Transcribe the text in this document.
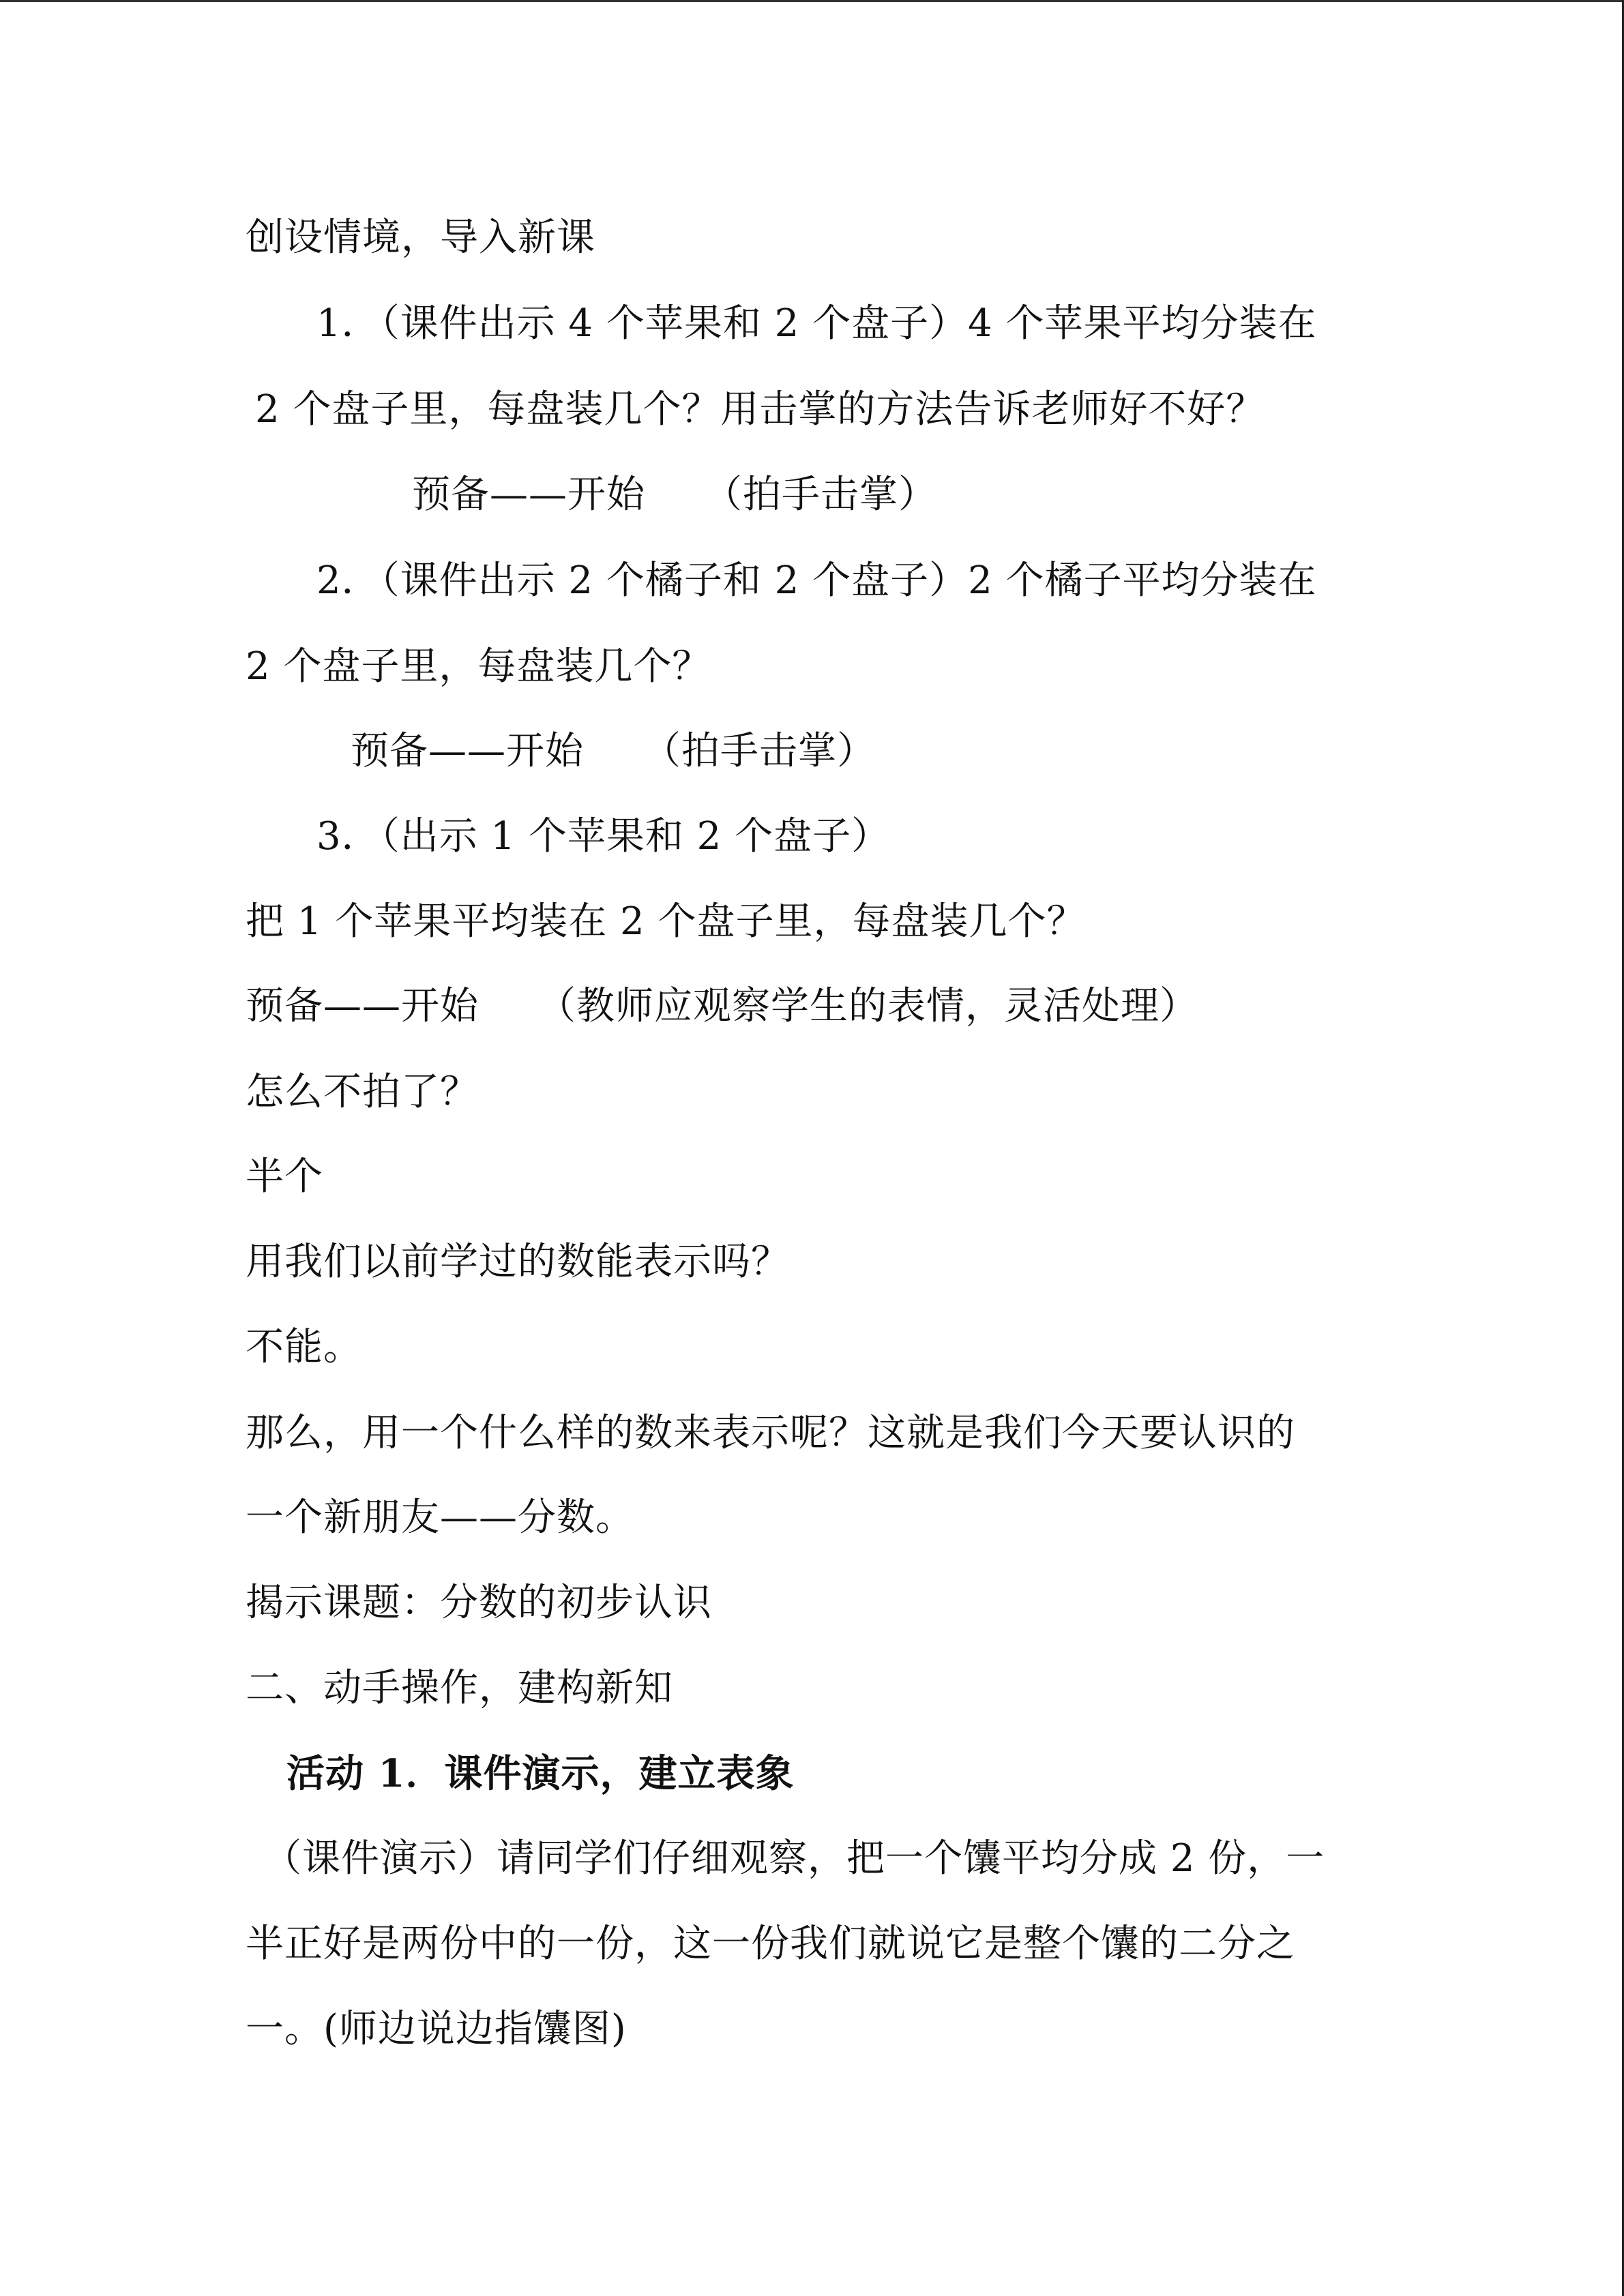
创设情境，导入新课
1．（课件出示 4 个苹果和 2 个盘子）4 个苹果平均分装在
2 个盘子里，每盘装几个？用击掌的方法告诉老师好不好？
预备——开始　　（拍手击掌）
2．（课件出示 2 个橘子和 2 个盘子）2 个橘子平均分装在
2 个盘子里，每盘装几个？
预备——开始　　（拍手击掌）
3．（出示 1 个苹果和 2 个盘子）
把 1 个苹果平均装在 2 个盘子里，每盘装几个？
预备——开始　　（教师应观察学生的表情，灵活处理）
怎么不拍了？
半个
用我们以前学过的数能表示吗？
不能。
那么，用一个什么样的数来表示呢？这就是我们今天要认识的
一个新朋友——分数。
揭示课题：分数的初步认识
二、动手操作，建构新知
活动 1．课件演示，建立表象
（课件演示）请同学们仔细观察，把一个馕平均分成 2 份，一
半正好是两份中的一份，这一份我们就说它是整个馕的二分之
一。(师边说边指馕图)
